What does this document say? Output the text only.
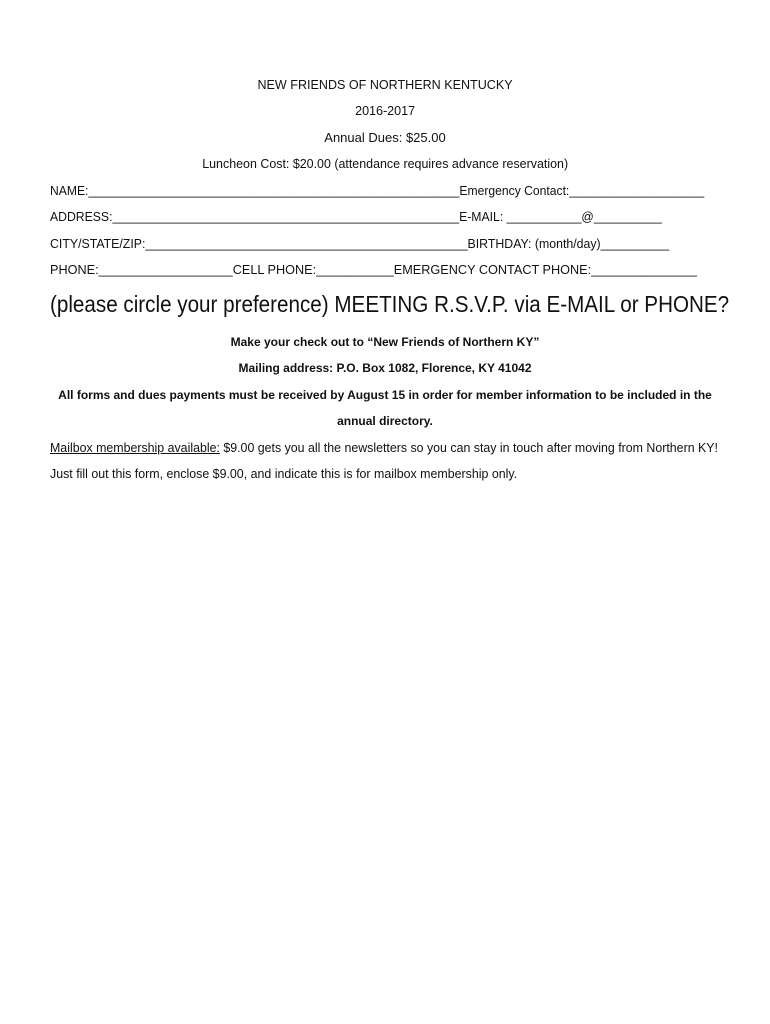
NEW FRIENDS OF NORTHERN KENTUCKY
2016-2017
Annual Dues: $25.00
Luncheon Cost: $20.00 (attendance requires advance reservation)
NAME:_______________________________________________________Emergency Contact:____________________
ADDRESS:___________________________________________________E-MAIL: ___________@__________
CITY/STATE/ZIP:_______________________________________________BIRTHDAY: (month/day)__________
PHONE:___________________CELL PHONE:___________EMERGENCY CONTACT PHONE:_______________
(please circle your preference) MEETING R.S.V.P. via E-MAIL or PHONE?
Make your check out to “New Friends of Northern KY”
Mailing address: P.O. Box 1082, Florence, KY 41042
All forms and dues payments must be received by August 15 in order for member information to be included in the
annual directory.
Mailbox membership available: $9.00 gets you all the newsletters so you can stay in touch after moving from Northern KY!
Just fill out this form, enclose $9.00, and indicate this is for mailbox membership only.
